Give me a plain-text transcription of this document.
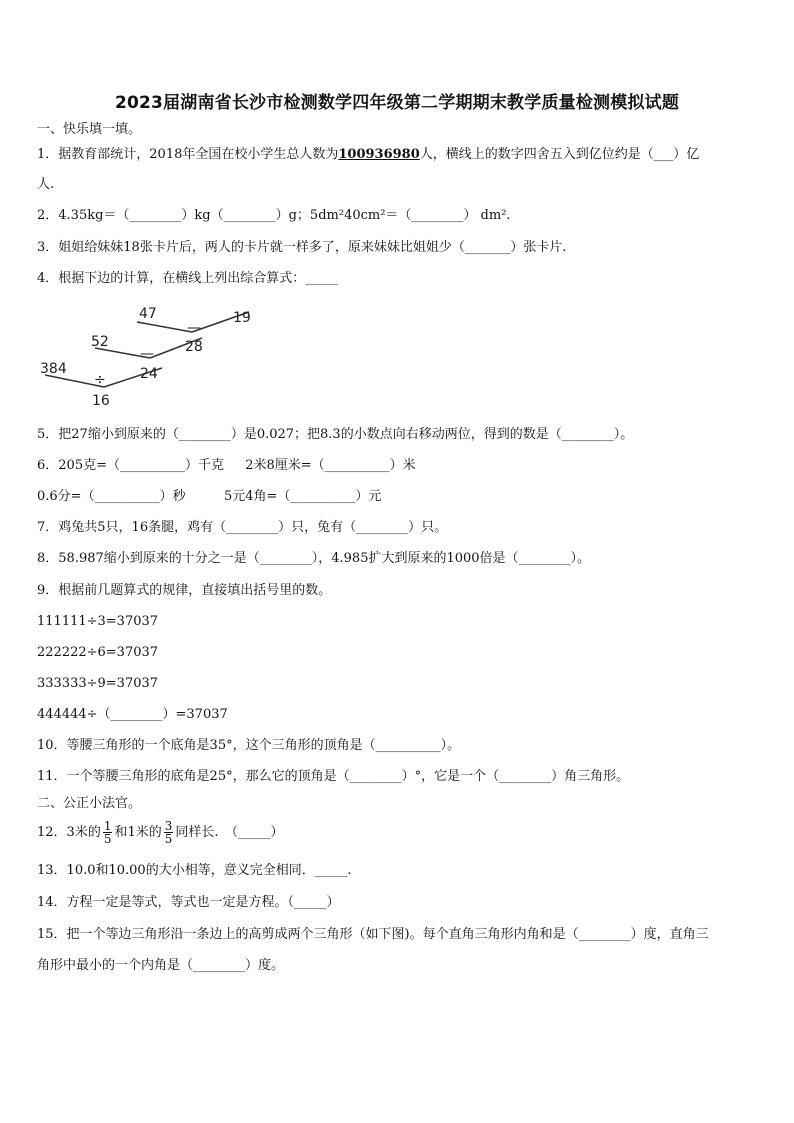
2023届湖南省长沙市检测数学四年级第二学期期末教学质量检测模拟试题
一、快乐填一填。
1．据教育部统计，2018年全国在校小学生总人数为100936980人，横线上的数字四舍五入到亿位约是（___）亿
人.
2．4.35kg＝（________）kg（________）g；5dm²40cm²＝（________） dm².
3．姐姐给妹妹18张卡片后，两人的卡片就一样多了，原来妹妹比姐姐少（_______）张卡片.
4．根据下边的计算，在横线上列出综合算式：_____
47
—
19
28
52
—
384
÷ 24
16
5．把27缩小到原来的（________）是0.027；把8.3的小数点向右移动两位，得到的数是（________）。
6．205克=（__________）千克 　 2米8厘米=（__________）米
0.6分=（__________）秒 　 　 5元4角=（__________）元
7．鸡兔共5只，16条腿，鸡有（________）只，兔有（________）只。
8．58.987缩小到原来的十分之一是（________），4.985扩大到原来的1000倍是（________）。
9．根据前几题算式的规律，直接填出括号里的数。
111111÷3=37037
222222÷6=37037
333333÷9=37037
444444÷（________）=37037
10．等腰三角形的一个底角是35°，这个三角形的顶角是（__________）。
11．一个等腰三角形的底角是25°，那么它的顶角是（________）°，它是一个（________）角三角形。
二、公正小法官。
12．3米的 $\frac{1}{5}$ 和1米的 $\frac{3}{5}$ 同样长.　（_____）
13．10.0和10.00的大小相等，意义完全相同．_____.
14．方程一定是等式，等式也一定是方程。（_____）
15．把一个等边三角形沿一条边上的高剪成两个三角形（如下图)。每个直角三角形内角和是（________）度，直角三
角形中最小的一个内角是（________）度。
